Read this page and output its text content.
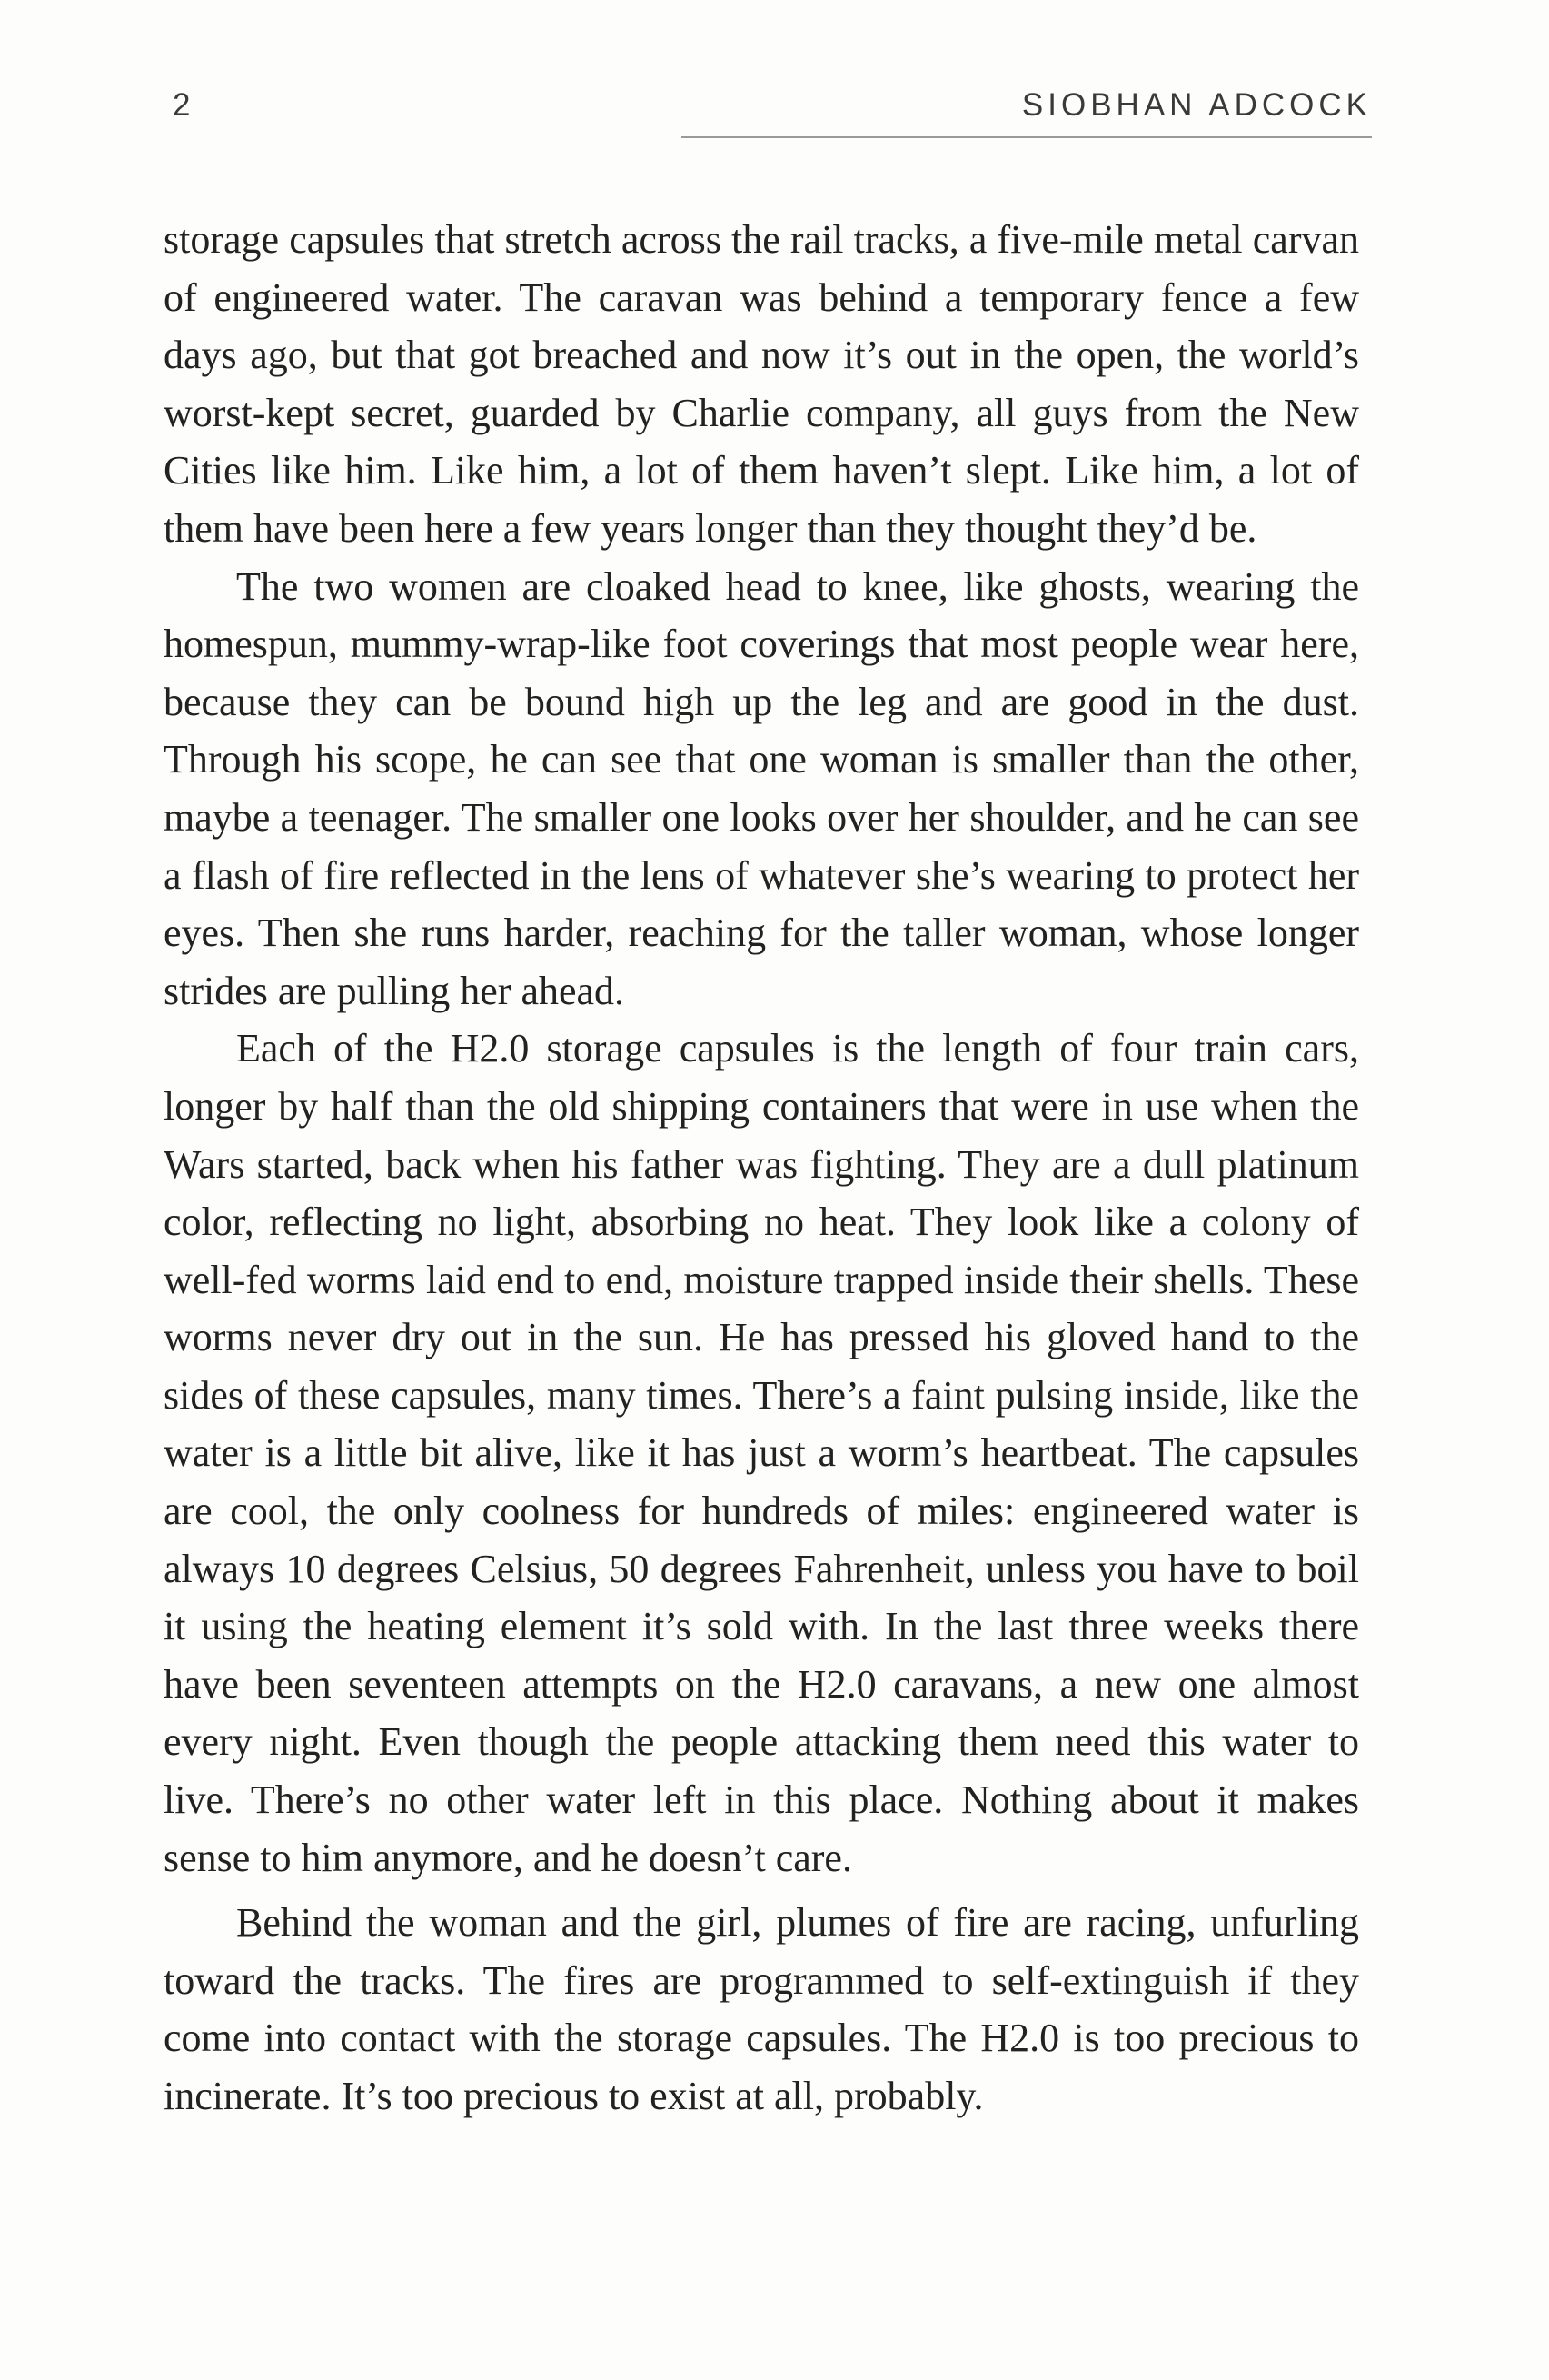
2	SIOBHAN ADCOCK

storage capsules that stretch across the rail tracks, a five-mile metal carvan of engineered water. The caravan was behind a temporary fence a few days ago, but that got breached and now it’s out in the open, the world’s worst-kept secret, guarded by Charlie company, all guys from the New Cities like him. Like him, a lot of them haven’t slept. Like him, a lot of them have been here a few years longer than they thought they’d be.

The two women are cloaked head to knee, like ghosts, wearing the homespun, mummy-wrap-like foot coverings that most people wear here, because they can be bound high up the leg and are good in the dust. Through his scope, he can see that one woman is smaller than the other, maybe a teenager. The smaller one looks over her shoulder, and he can see a flash of fire reflected in the lens of whatever she’s wearing to protect her eyes. Then she runs harder, reaching for the taller woman, whose longer strides are pulling her ahead.

Each of the H2.0 storage capsules is the length of four train cars, longer by half than the old shipping containers that were in use when the Wars started, back when his father was fighting. They are a dull platinum color, reflecting no light, absorbing no heat. They look like a colony of well-fed worms laid end to end, moisture trapped inside their shells. These worms never dry out in the sun. He has pressed his gloved hand to the sides of these capsules, many times. There’s a faint pulsing inside, like the water is a little bit alive, like it has just a worm’s heartbeat. The capsules are cool, the only coolness for hundreds of miles: engineered water is always 10 degrees Celsius, 50 degrees Fahrenheit, unless you have to boil it using the heating element it’s sold with. In the last three weeks there have been seventeen attempts on the H2.0 caravans, a new one almost every night. Even though the people attacking them need this water to live. There’s no other water left in this place. Nothing about it makes sense to him anymore, and he doesn’t care.

Behind the woman and the girl, plumes of fire are racing, unfurling toward the tracks. The fires are programmed to self-extinguish if they come into contact with the storage capsules. The H2.0 is too precious to incinerate. It’s too precious to exist at all, probably.
